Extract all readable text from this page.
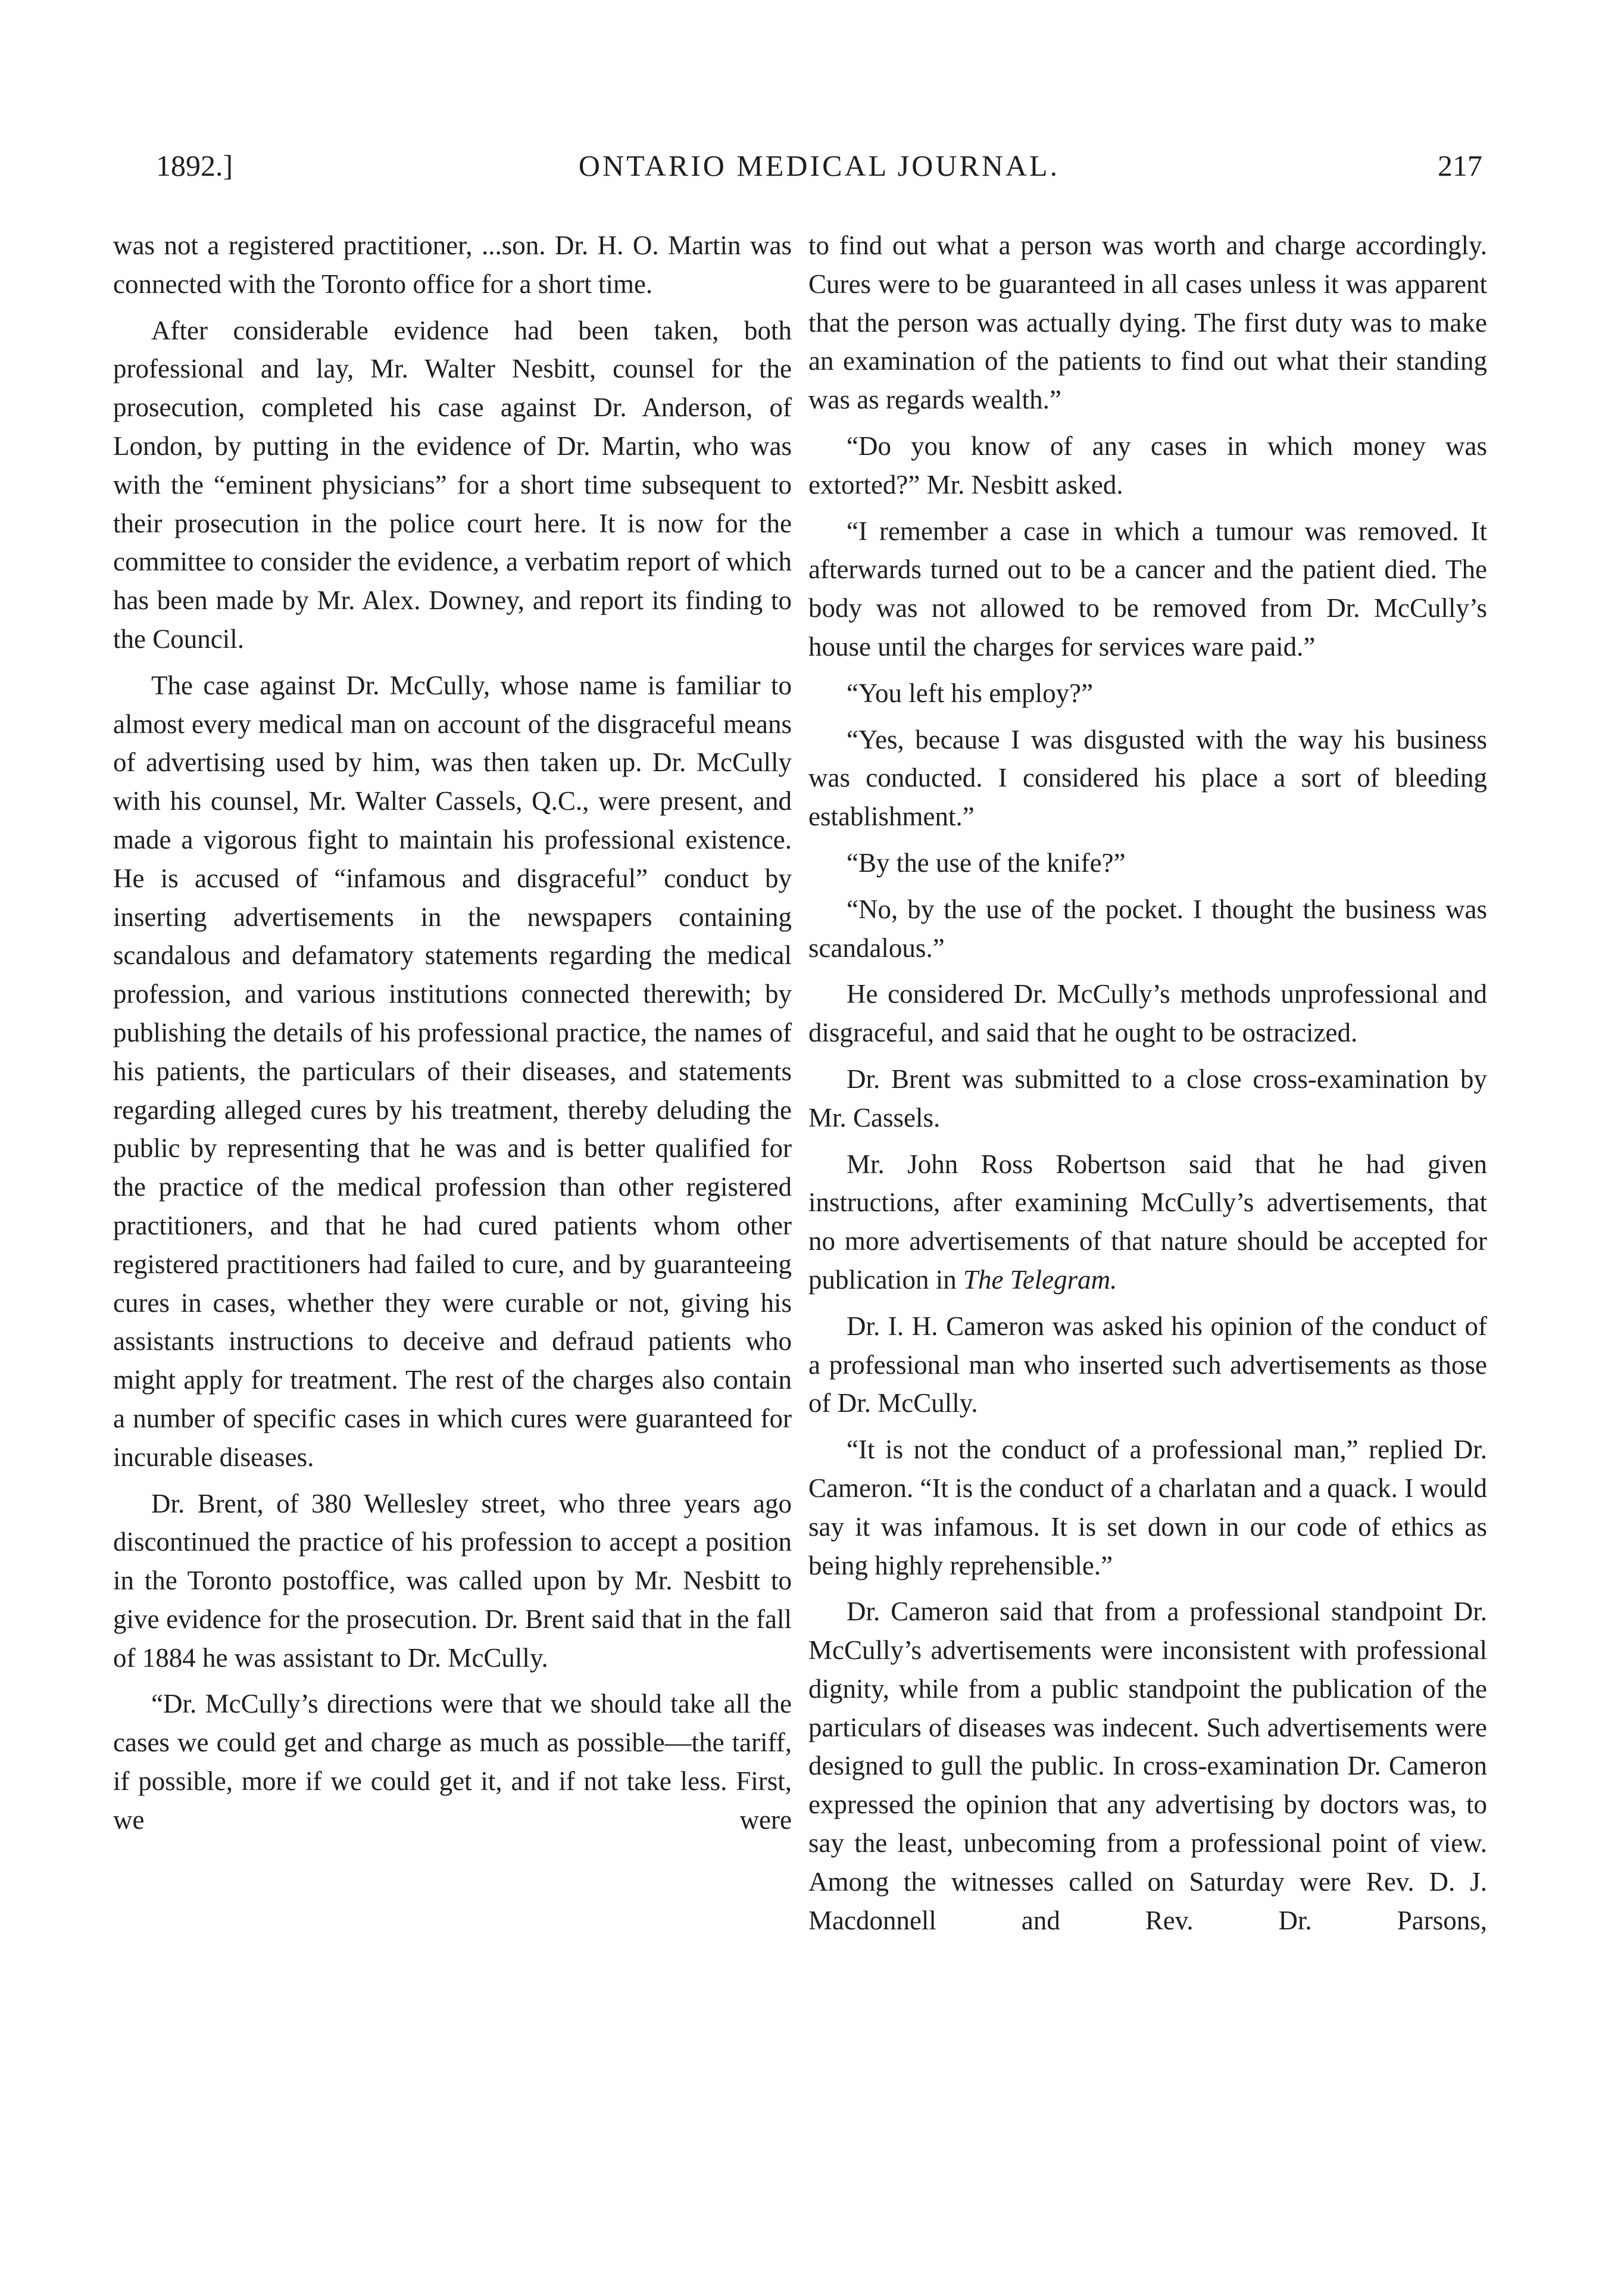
1892.]	ONTARIO MEDICAL JOURNAL.	217

was not a registered practitioner, ...son. Dr. H. O. Martin was connected with the Toronto office for a short time.

After considerable evidence had been taken, both professional and lay, Mr. Walter Nesbitt, counsel for the prosecution, completed his case against Dr. Anderson, of London, by putting in the evidence of Dr. Martin, who was with the “eminent physicians” for a short time subsequent to their prosecution in the police court here. It is now for the committee to consider the evidence, a verbatim report of which has been made by Mr. Alex. Downey, and report its finding to the Council.

The case against Dr. McCully, whose name is familiar to almost every medical man on account of the disgraceful means of advertising used by him, was then taken up. Dr. McCully with his counsel, Mr. Walter Cassels, Q.C., were present, and made a vigorous fight to maintain his professional existence. He is accused of “infamous and disgraceful” conduct by inserting advertisements in the newspapers containing scandalous and defamatory statements regarding the medical profession, and various institutions connected therewith; by publishing the details of his professional practice, the names of his patients, the particulars of their diseases, and statements regarding alleged cures by his treatment, thereby deluding the public by representing that he was and is better qualified for the practice of the medical profession than other registered practitioners, and that he had cured patients whom other registered practitioners had failed to cure, and by guaranteeing cures in cases, whether they were curable or not, giving his assistants instructions to deceive and defraud patients who might apply for treatment. The rest of the charges also contain a number of specific cases in which cures were guaranteed for incurable diseases.

Dr. Brent, of 380 Wellesley street, who three years ago discontinued the practice of his profession to accept a position in the Toronto postoffice, was called upon by Mr. Nesbitt to give evidence for the prosecution. Dr. Brent said that in the fall of 1884 he was assistant to Dr. McCully.

“Dr. McCully’s directions were that we should take all the cases we could get and charge as much as possible—the tariff, if possible, more if we could get it, and if not take less. First, we were

to find out what a person was worth and charge accordingly. Cures were to be guaranteed in all cases unless it was apparent that the person was actually dying. The first duty was to make an examination of the patients to find out what their standing was as regards wealth.”

“Do you know of any cases in which money was extorted?” Mr. Nesbitt asked.

“I remember a case in which a tumour was removed. It afterwards turned out to be a cancer and the patient died. The body was not allowed to be removed from Dr. McCully’s house until the charges for services ware paid.”

“You left his employ?”

“Yes, because I was disgusted with the way his business was conducted. I considered his place a sort of bleeding establishment.”

“By the use of the knife?”

“No, by the use of the pocket. I thought the business was scandalous.”

He considered Dr. McCully’s methods unprofessional and disgraceful, and said that he ought to be ostracized.

Dr. Brent was submitted to a close cross-examination by Mr. Cassels.

Mr. John Ross Robertson said that he had given instructions, after examining McCully’s advertisements, that no more advertisements of that nature should be accepted for publication in The Telegram.

Dr. I. H. Cameron was asked his opinion of the conduct of a professional man who inserted such advertisements as those of Dr. McCully.

“It is not the conduct of a professional man,” replied Dr. Cameron. “It is the conduct of a charlatan and a quack. I would say it was infamous. It is set down in our code of ethics as being highly reprehensible.”

Dr. Cameron said that from a professional standpoint Dr. McCully’s advertisements were inconsistent with professional dignity, while from a public standpoint the publication of the particulars of diseases was indecent. Such advertisements were designed to gull the public. In cross-examination Dr. Cameron expressed the opinion that any advertising by doctors was, to say the least, unbecoming from a professional point of view. Among the witnesses called on Saturday were Rev. D. J. Macdonnell and Rev. Dr. Parsons,
